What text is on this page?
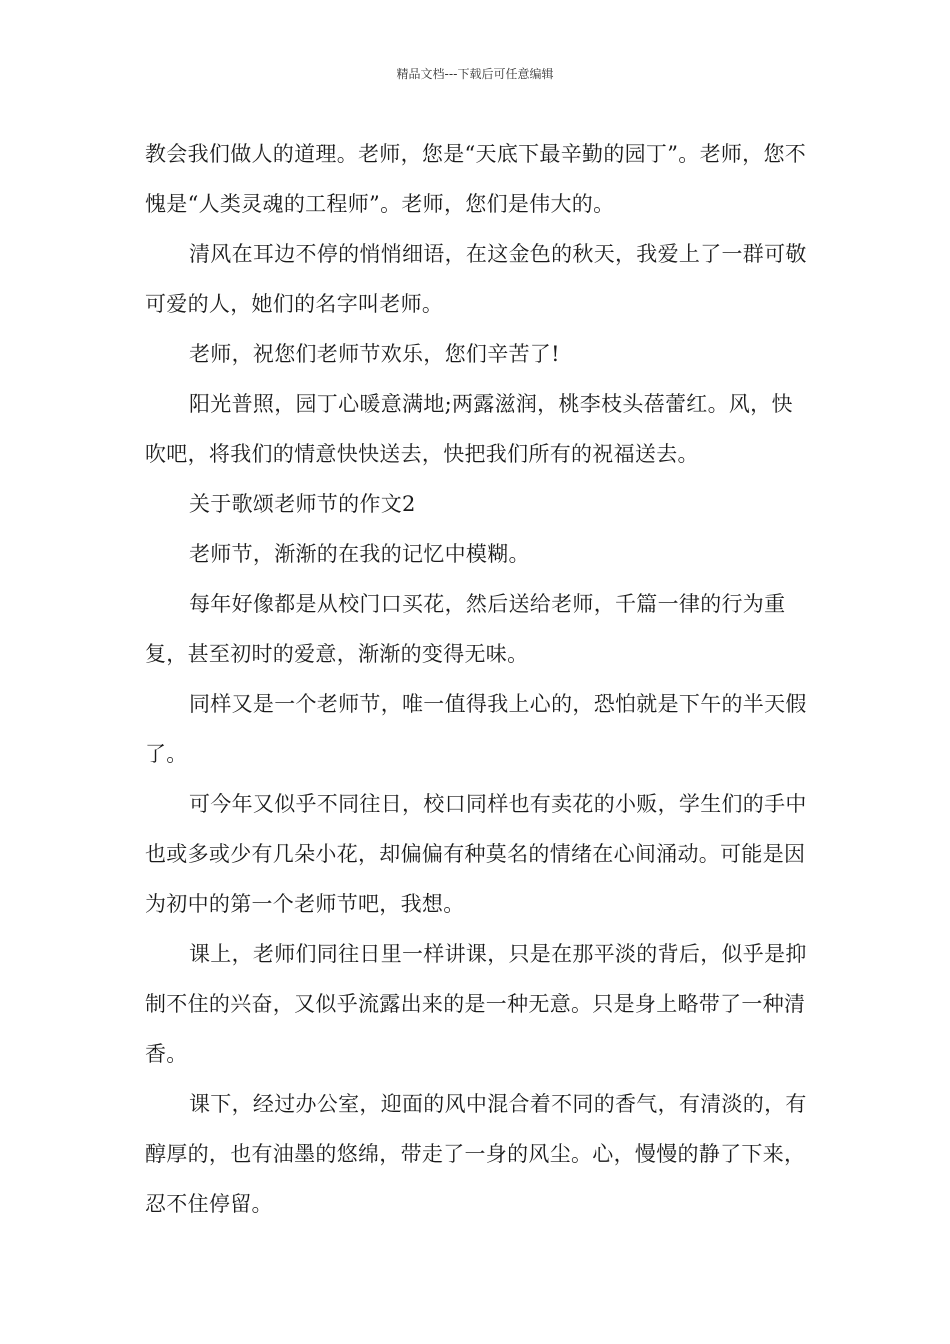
精品文档---下载后可任意编辑

教会我们做人的道理。老师，您是“天底下最辛勤的园丁”。老师，您不愧是“人类灵魂的工程师”。老师，您们是伟大的。

清风在耳边不停的悄悄细语，在这金色的秋天，我爱上了一群可敬可爱的人，她们的名字叫老师。

老师，祝您们老师节欢乐，您们辛苦了!

阳光普照，园丁心暖意满地;两露滋润，桃李枝头蓓蕾红。风，快吹吧，将我们的情意快快送去，快把我们所有的祝福送去。

关于歌颂老师节的作文2

老师节，渐渐的在我的记忆中模糊。

每年好像都是从校门口买花，然后送给老师，千篇一律的行为重复，甚至初时的爱意，渐渐的变得无味。

同样又是一个老师节，唯一值得我上心的，恐怕就是下午的半天假了。

可今年又似乎不同往日，校口同样也有卖花的小贩，学生们的手中也或多或少有几朵小花，却偏偏有种莫名的情绪在心间涌动。可能是因为初中的第一个老师节吧，我想。

课上，老师们同往日里一样讲课，只是在那平淡的背后，似乎是抑制不住的兴奋，又似乎流露出来的是一种无意。只是身上略带了一种清香。

课下，经过办公室，迎面的风中混合着不同的香气，有清淡的，有醇厚的，也有油墨的悠绵，带走了一身的风尘。心，慢慢的静了下来，忍不住停留。
